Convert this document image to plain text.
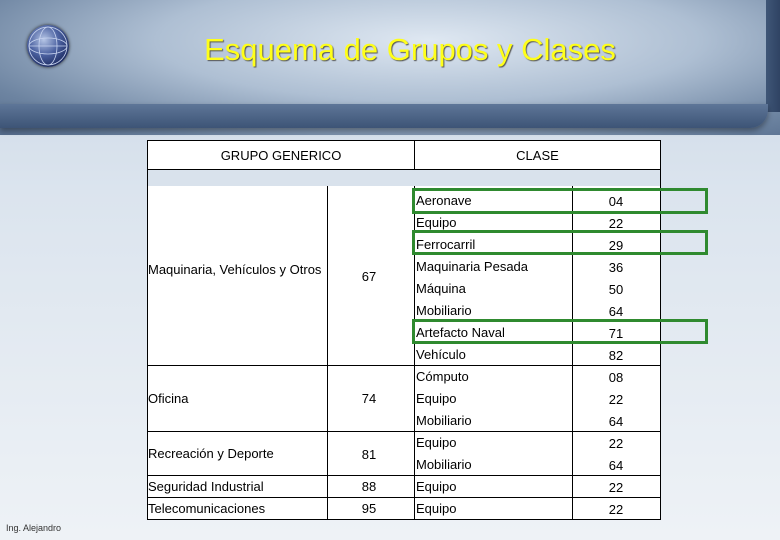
Esquema de Grupos y Clases
GRUPO GENERICO	CLASE
Maquinaria, Vehículos y Otros
Oficina
Recreación y Deporte
Seguridad Industrial
Telecomunicaciones
67
74
81
88
95
Aeronave
Equipo
Ferrocarril
Maquinaria Pesada
Máquina
Mobiliario
Artefacto Naval
Vehículo
Cómputo
Equipo
Mobiliario
Equipo
Mobiliario
Equipo
Equipo
04
22
29
36
50
64
71
82
08
22
64
22
64
22
22
Ing. Alejandro
